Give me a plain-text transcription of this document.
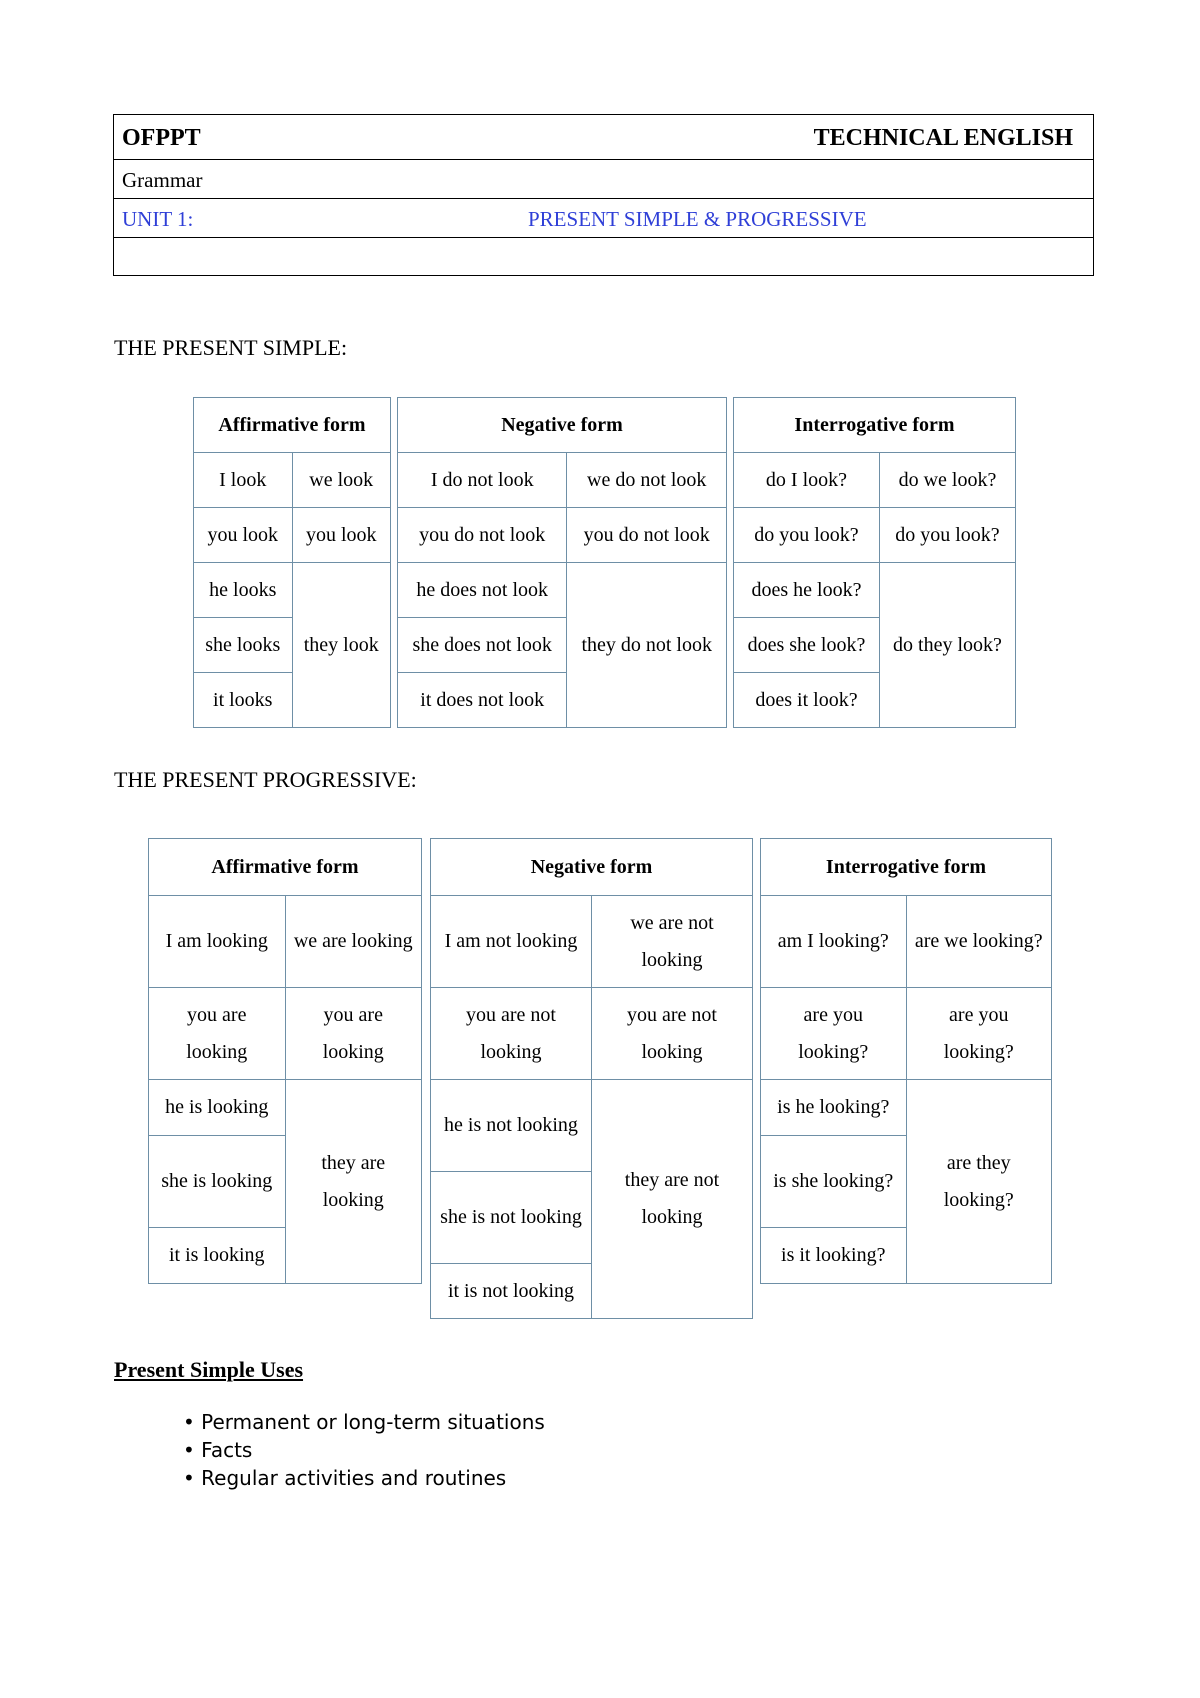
OFPPT	TECHNICAL ENGLISH
Grammar
UNIT 1:	PRESENT SIMPLE & PROGRESSIVE
THE PRESENT SIMPLE:
Affirmative form	
I look	we look
you look	you look
he looks	they look
she looks	
it looks	
Negative form	
I do not look	we do not look
you do not look	you do not look
he does not look	they do not look
she does not look	
it does not look	
Interrogative form	
do I look?	do we look?
do you look?	do you look?
does he look?	do they look?
does she look?	
does it look?	
THE PRESENT PROGRESSIVE:
Affirmative form	
I am looking	we are looking
you are looking	you are looking
he is looking	they are looking
she is looking	
it is looking	
Negative form	
I am not looking	we are not looking
you are not looking	you are not looking
he is not looking	they are not looking
she is not looking	
it is not looking	
Interrogative form	
am I looking?	are we looking?
are you looking?	are you looking?
is he looking?	are they looking?
is she looking?	
is it looking?	
Present Simple Uses
• Permanent or long-term situations
• Facts
• Regular activities and routines
